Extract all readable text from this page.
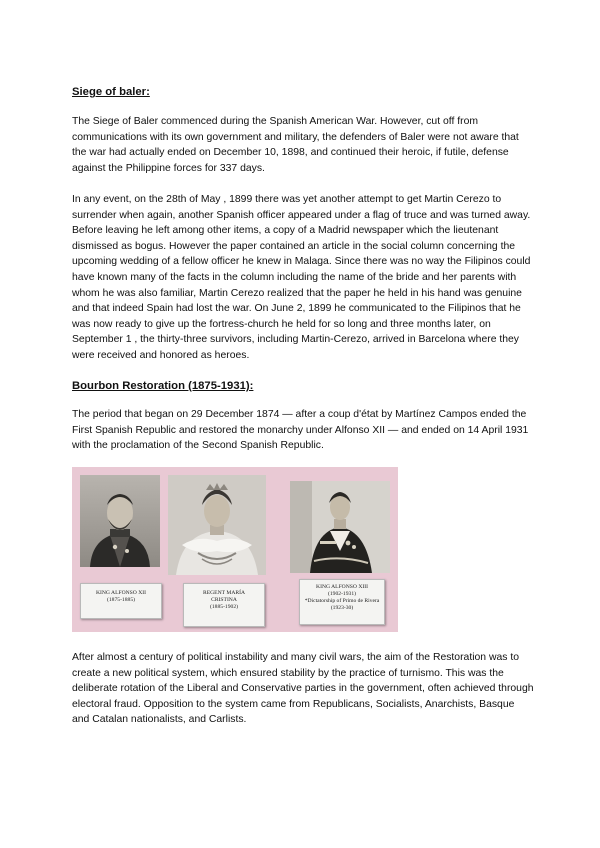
Siege of baler:

The Siege of Baler commenced during the Spanish American War. However, cut off from communications with its own government and military, the defenders of Baler were not aware that the war had actually ended on December 10, 1898, and continued their heroic, if futile, defense against the Philippine forces for 337 days.

In any event, on the 28th of May , 1899 there was yet another attempt to get Martin Cerezo to surrender when again, another Spanish officer appeared under a flag of truce and was turned away. Before leaving he left among other items, a copy of a Madrid newspaper which the lieutenant dismissed as bogus. However the paper contained an article in the social column concerning the upcoming wedding of a fellow officer he knew in Malaga. Since there was no way the Filipinos could have known many of the facts in the column including the name of the bride and her parents with whom he was also familiar, Martin Cerezo realized that the paper he held in his hand was genuine and that indeed Spain had lost the war. On June 2, 1899 he communicated to the Filipinos that he was now ready to give up the fortress-church he held for so long and three months later, on September 1 , the thirty-three survivors, including Martin-Cerezo, arrived in Barcelona where they were received and honored as heroes.

Bourbon Restoration (1875-1931):

The period that began on 29 December 1874 — after a coup d'état by Martínez Campos ended the First Spanish Republic and restored the monarchy under Alfonso XII — and ended on 14 April 1931 with the proclamation of the Second Spanish Republic.

KING ALFONSO XII
(1875-1885)
REGENT MARÍA
CRISTINA
(1885-1902)
KING ALFONSO XIII
(1902-1931)
*Dictatorship of Primo de Rivera (1923-30)

After almost a century of political instability and many civil wars, the aim of the Restoration was to create a new political system, which ensured stability by the practice of turnismo. This was the deliberate rotation of the Liberal and Conservative parties in the government, often achieved through electoral fraud. Opposition to the system came from Republicans, Socialists, Anarchists, Basque and Catalan nationalists, and Carlists.
